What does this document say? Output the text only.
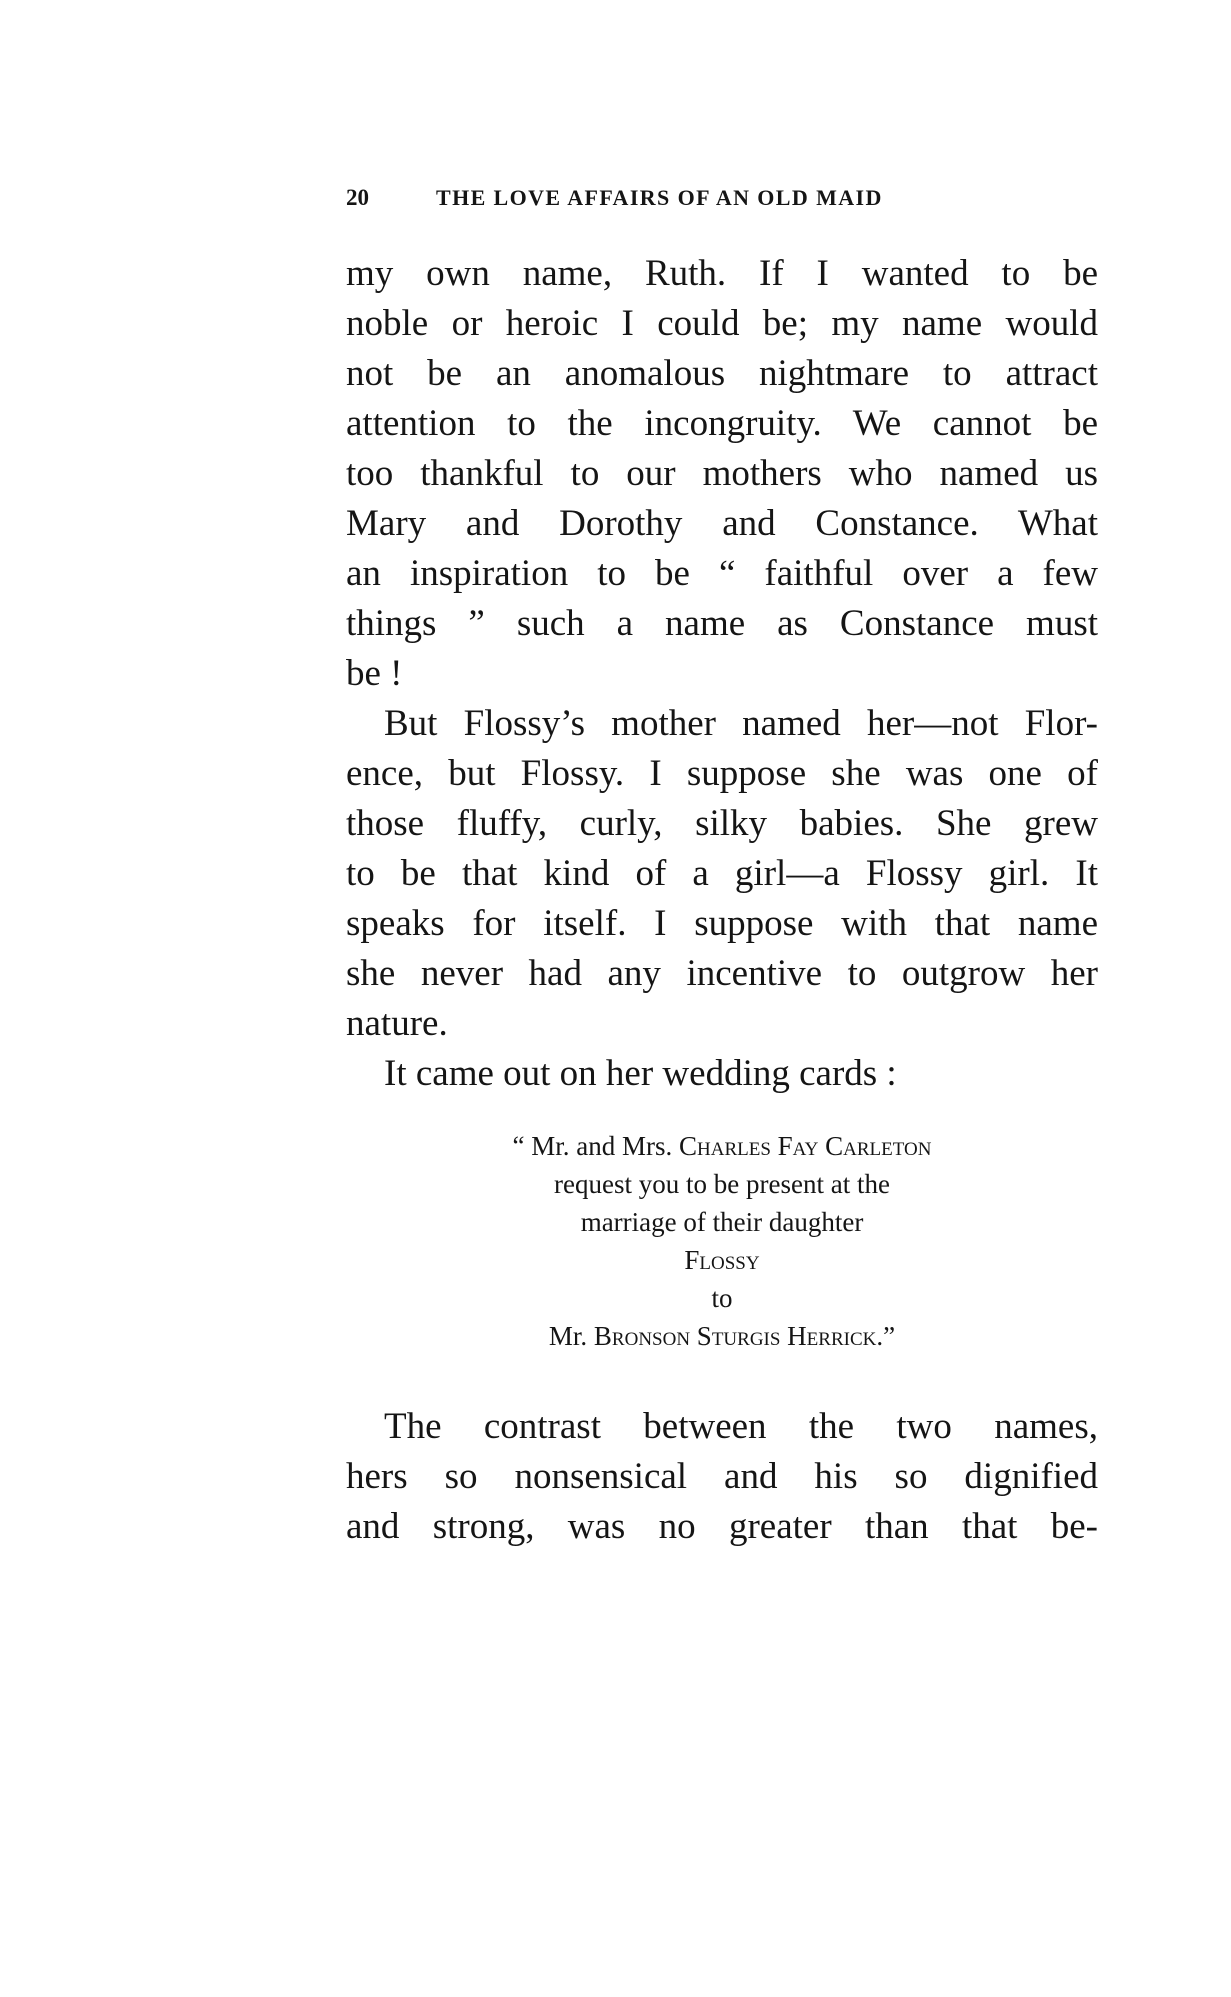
20	THE LOVE AFFAIRS OF AN OLD MAID
my own name, Ruth. If I wanted to be
noble or heroic I could be; my name would
not be an anomalous nightmare to attract
attention to the incongruity. We cannot be
too thankful to our mothers who named us
Mary and Dorothy and Constance. What
an inspiration to be “ faithful over a few
things ” such a name as Constance must
be !
But Flossy’s mother named her—not Flor-
ence, but Flossy. I suppose she was one of
those fluffy, curly, silky babies. She grew
to be that kind of a girl—a Flossy girl. It
speaks for itself. I suppose with that name
she never had any incentive to outgrow her
nature.
It came out on her wedding cards :
“ Mr. and Mrs. Charles Fay Carleton
request you to be present at the
marriage of their daughter
Flossy
to
Mr. Bronson Sturgis Herrick.”
The contrast between the two names,
hers so nonsensical and his so dignified
and strong, was no greater than that be-
